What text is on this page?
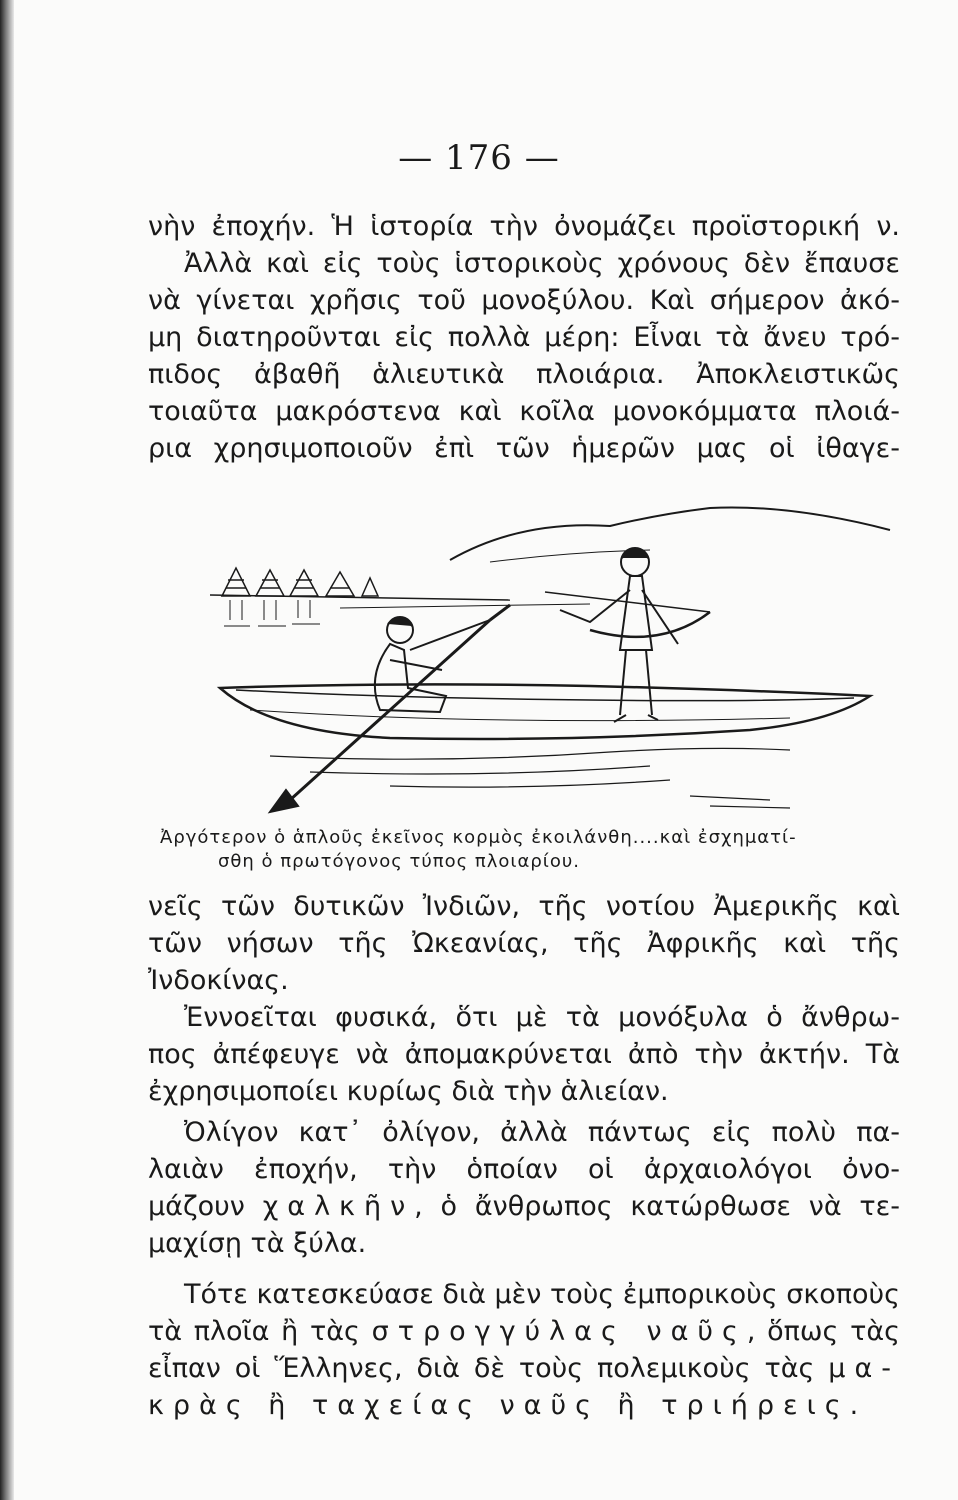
— 176 —
νὴν ἐποχήν. Ἡ ἱστορία τὴν ὀνομάζει προϊστορική ν.
Ἀλλὰ καὶ εἰς τοὺς ἱστορικοὺς χρόνους δὲν ἔπαυσε
νὰ γίνεται χρῆσις τοῦ μονοξύλου. Καὶ σήμερον ἀκό-
μη διατηροῦνται εἰς πολλὰ μέρη: Εἶναι τὰ ἄνευ τρό-
πιδος ἀβαθῆ ἁλιευτικὰ πλοιάρια. Ἀποκλειστικῶς
τοιαῦτα μακρόστενα καὶ κοῖλα μονοκόμματα πλοιά-
ρια χρησιμοποιοῦν ἐπὶ τῶν ἡμερῶν μας οἱ ἰθαγε-
Ἀργότερον ὁ ἁπλοῦς ἐκεῖνος κορμὸς ἐκοιλάνθη....καὶ ἐσχηματί-
σθη ὁ πρωτόγονος τύπος πλοιαρίου.
νεῖς τῶν δυτικῶν Ἰνδιῶν, τῆς νοτίου Ἀμερικῆς καὶ
τῶν νήσων τῆς Ὠκεανίας, τῆς Ἀφρικῆς καὶ τῆς
Ἰνδοκίνας.
Ἐννοεῖται φυσικά, ὅτι μὲ τὰ μονόξυλα ὁ ἄνθρω-
πος ἀπέφευγε νὰ ἀπομακρύνεται ἀπὸ τὴν ἀκτήν. Τὰ
ἐχρησιμοποίει κυρίως διὰ τὴν ἁλιείαν.
Ὀλίγον κατ᾿ ὀλίγον, ἀλλὰ πάντως εἰς πολὺ πα-
λαιὰν ἐποχήν, τὴν ὁποίαν οἱ ἀρχαιολόγοι ὀνο-
μάζουν χαλκῆν, ὁ ἄνθρωπος κατώρθωσε νὰ τε-
μαχίσῃ τὰ ξύλα.
Τότε κατεσκεύασε διὰ μὲν τοὺς ἐμπορικοὺς σκοποὺς
τὰ πλοῖα ἢ τὰς στρογγύλας ναῦς, ὅπως τὰς
εἶπαν οἱ Ἕλληνες, διὰ δὲ τοὺς πολεμικοὺς τὰς μα-
κρὰς ἢ ταχείας ναῦς ἢ τριήρεις.
